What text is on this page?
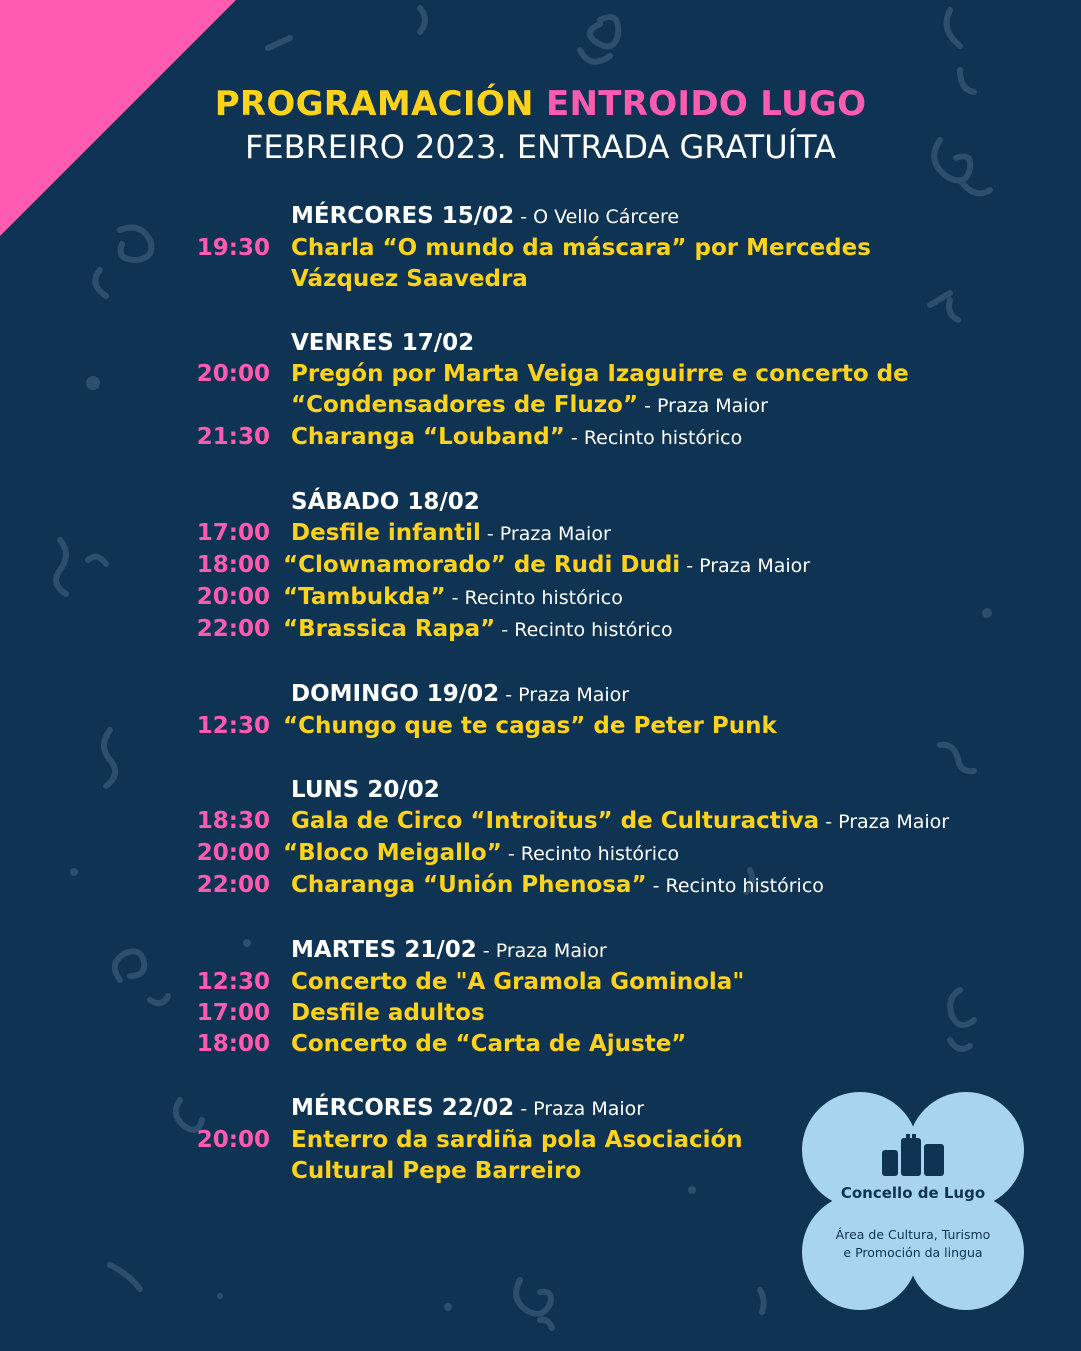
PROGRAMACIÓN ENTROIDO LUGO
FEBREIRO 2023. ENTRADA GRATUÍTA
MÉRCORES 15/02 - O Vello Cárcere
19:30 Charla “O mundo da máscara” por Mercedes
Vázquez Saavedra
VENRES 17/02
20:00 Pregón por Marta Veiga Izaguirre e concerto de
“Condensadores de Fluzo” - Praza Maior
21:30 Charanga “Louband” - Recinto histórico
SÁBADO 18/02
17:00 Desfile infantil - Praza Maior
18:00 “Clownamorado” de Rudi Dudi - Praza Maior
20:00 “Tambukda” - Recinto histórico
22:00 “Brassica Rapa” - Recinto histórico
DOMINGO 19/02 - Praza Maior
12:30 “Chungo que te cagas” de Peter Punk
LUNS 20/02
18:30 Gala de Circo “Introitus” de Culturactiva - Praza Maior
20:00 “Bloco Meigallo” - Recinto histórico
22:00 Charanga “Unión Phenosa” - Recinto histórico
MARTES 21/02 - Praza Maior
12:30 Concerto de "A Gramola Gominola"
17:00 Desfile adultos
18:00 Concerto de “Carta de Ajuste”
MÉRCORES 22/02 - Praza Maior
20:00 Enterro da sardiña pola Asociación
Cultural Pepe Barreiro
Concello de Lugo
Área de Cultura, Turismo
e Promoción da lingua
